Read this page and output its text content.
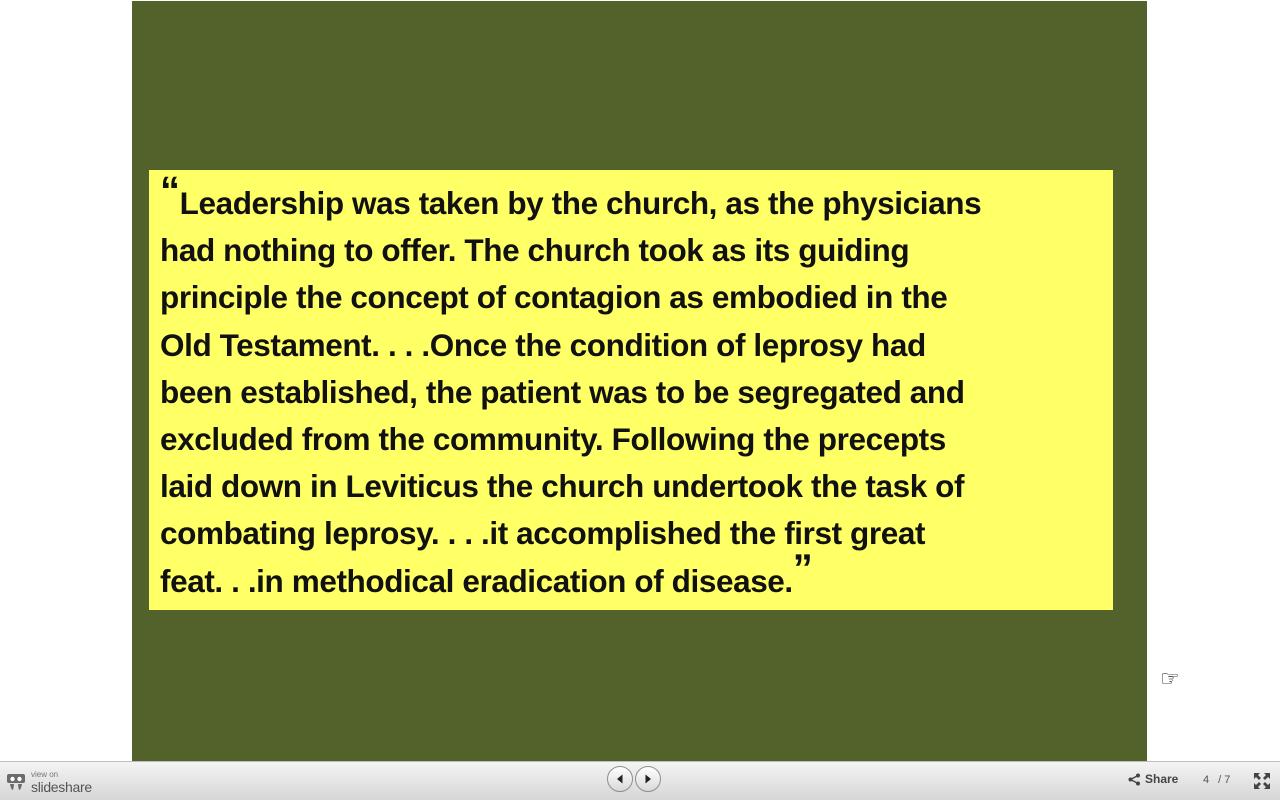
“Leadership was taken by the church, as the physicians
had nothing to offer. The church took as its guiding
principle the concept of contagion as embodied in the
Old Testament. . . .Once the condition of leprosy had
been established, the patient was to be segregated and
excluded from the community. Following the precepts
laid down in Leviticus the church undertook the task of
combating leprosy. . . .it accomplished the first great
feat. . .in methodical eradication of disease.”
☞
view on
slideshare	Share 4 / 7
